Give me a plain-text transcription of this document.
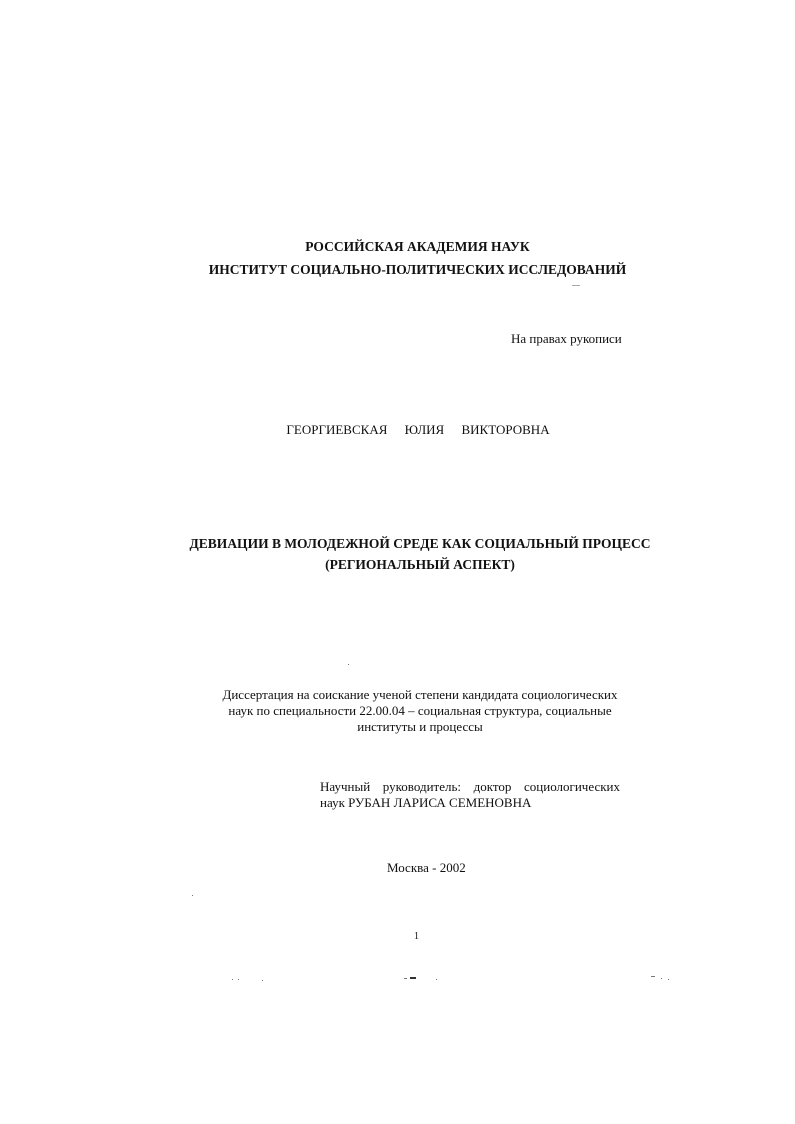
РОССИЙСКАЯ АКАДЕМИЯ НАУК
ИНСТИТУТ СОЦИАЛЬНО-ПОЛИТИЧЕСКИХ ИССЛЕДОВАНИЙ
На правах рукописи
ГЕОРГИЕВСКАЯ ЮЛИЯ ВИКТОРОВНА
ДЕВИАЦИИ В МОЛОДЕЖНОЙ СРЕДЕ КАК СОЦИАЛЬНЫЙ ПРОЦЕСС
(РЕГИОНАЛЬНЫЙ АСПЕКТ)
Диссертация на соискание ученой степени кандидата социологических
наук по специальности 22.00.04 – социальная структура, социальные
институты и процессы
Научный руководитель: доктор социологических
наук РУБАН ЛАРИСА СЕМЕНОВНА
Москва - 2002
1
